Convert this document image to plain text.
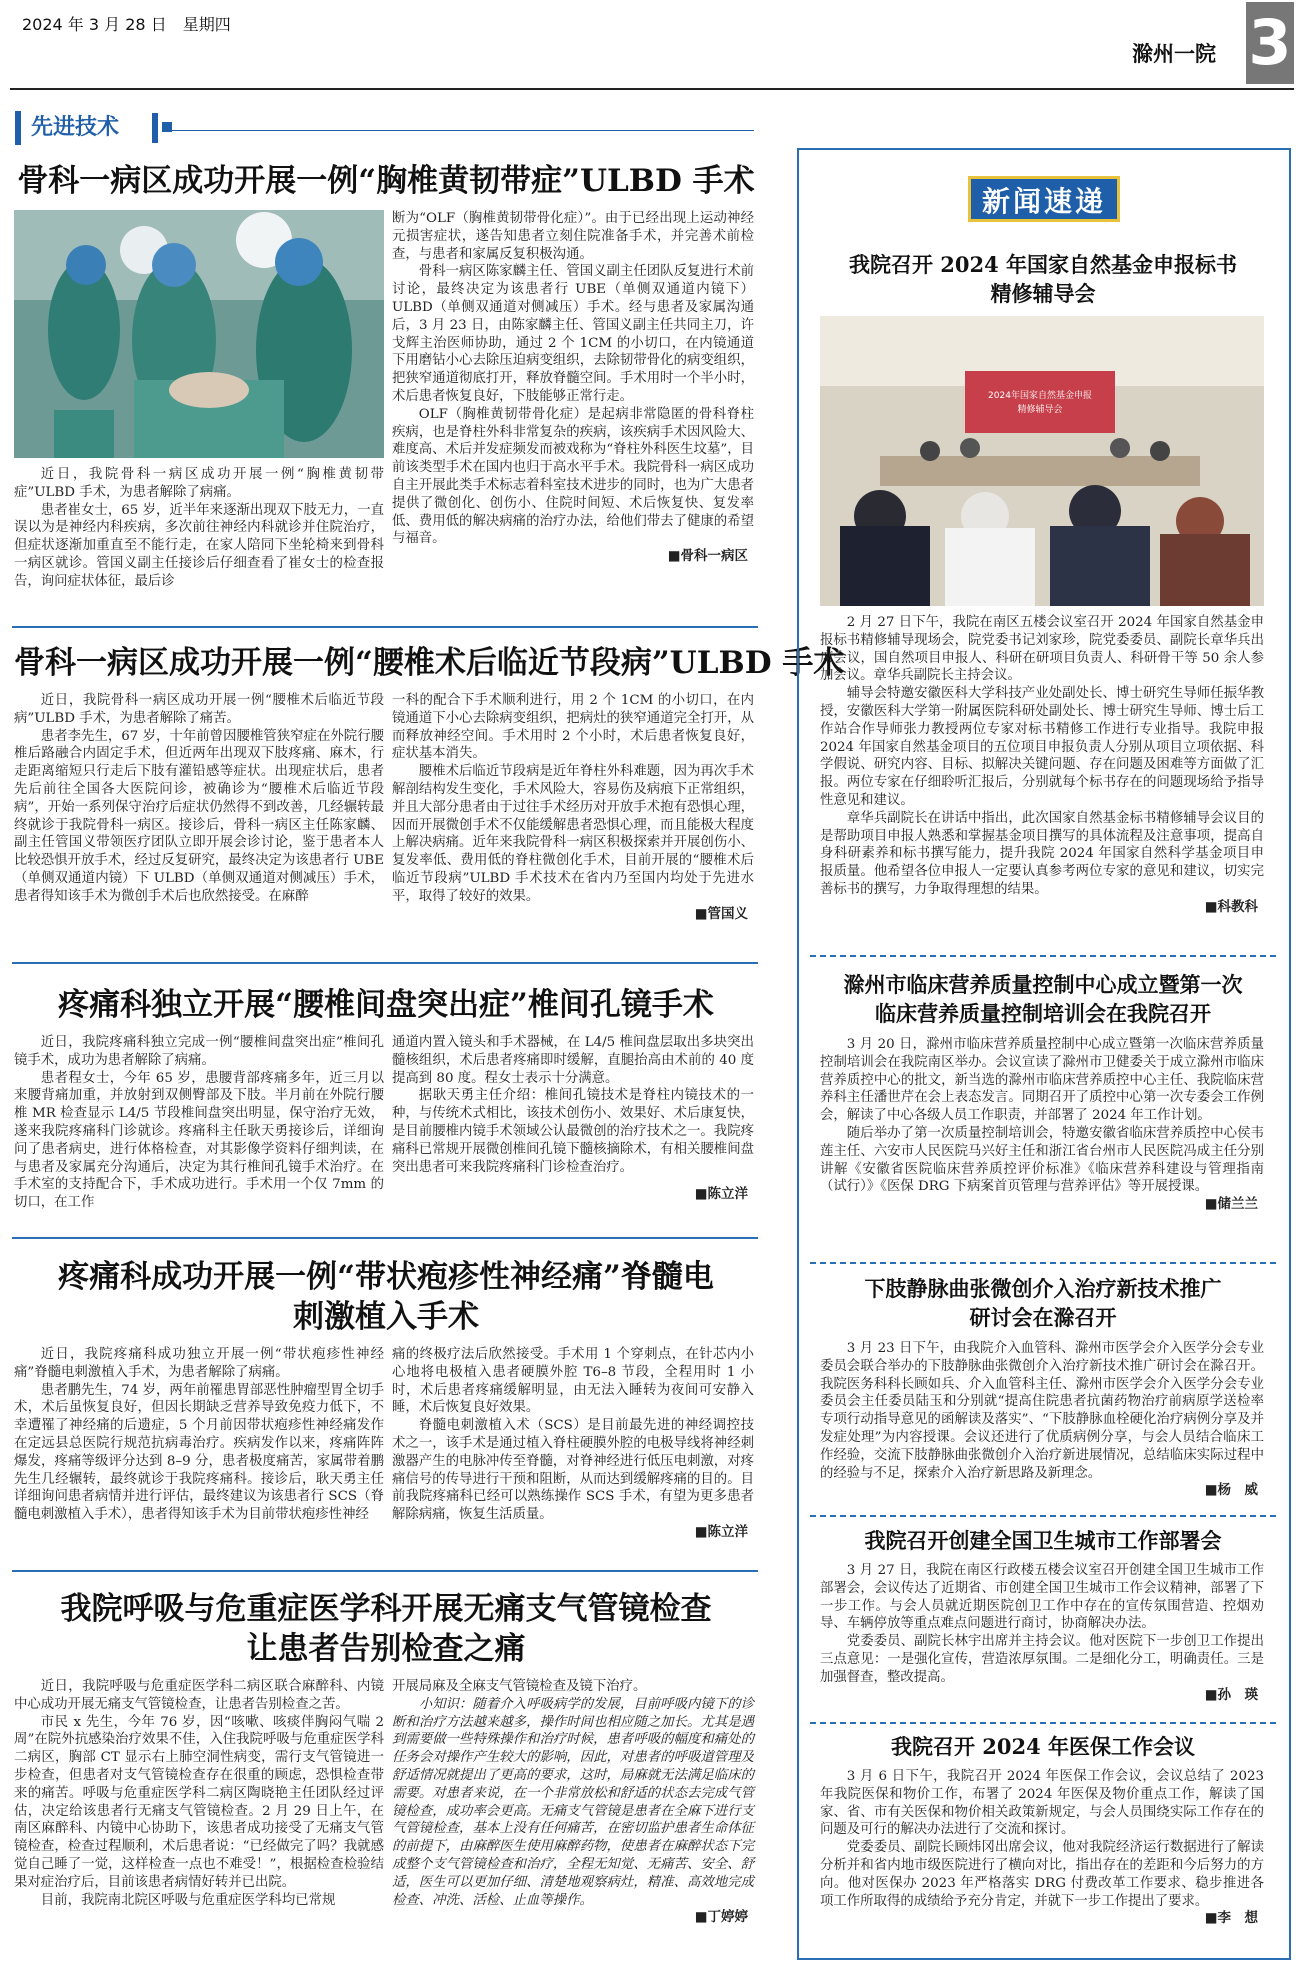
2024 年 3 月 28 日　星期四
滁州一院 3
先进技术
骨科一病区成功开展一例“胸椎黄韧带症”ULBD 手术

近日，我院骨科一病区成功开展一例“胸椎黄韧带症”ULBD 手术，为患者解除了病痛。

患者崔女士，65 岁，近半年来逐渐出现双下肢无力，一直误以为是神经内科疾病，多次前往神经内科就诊并住院治疗，但症状逐渐加重直至不能行走，在家人陪同下坐轮椅来到骨科一病区就诊。管国义副主任接诊后仔细查看了崔女士的检查报告，询问症状体征，最后诊

断为“OLF（胸椎黄韧带骨化症）”。由于已经出现上运动神经元损害症状，遂告知患者立刻住院准备手术，并完善术前检查，与患者和家属反复积极沟通。

骨科一病区陈家麟主任、管国义副主任团队反复进行术前讨论，最终决定为该患者行 UBE（单侧双通道内镜下）ULBD（单侧双通道对侧减压）手术。经与患者及家属沟通后，3 月 23 日，由陈家麟主任、管国义副主任共同主刀，许戈辉主治医师协助，通过 2 个 1CM 的小切口，在内镜通道下用磨钻小心去除压迫病变组织，去除韧带骨化的病变组织，把狭窄通道彻底打开，释放脊髓空间。手术用时一个半小时，术后患者恢复良好，下肢能够正常行走。

OLF（胸椎黄韧带骨化症）是起病非常隐匿的骨科脊柱疾病，也是脊柱外科非常复杂的疾病，该疾病手术因风险大、难度高、术后并发症频发而被戏称为“脊柱外科医生坟墓”，目前该类型手术在国内也归于高水平手术。我院骨科一病区成功自主开展此类手术标志着科室技术进步的同时，也为广大患者提供了微创化、创伤小、住院时间短、术后恢复快、复发率低、费用低的解决病痛的治疗办法，给他们带去了健康的希望与福音。

■骨科一病区
骨科一病区成功开展一例“腰椎术后临近节段病”ULBD 手术

近日，我院骨科一病区成功开展一例“腰椎术后临近节段病”ULBD 手术，为患者解除了痛苦。

患者李先生，67 岁，十年前曾因腰椎管狭窄症在外院行腰椎后路融合内固定手术，但近两年出现双下肢疼痛、麻木，行走距离缩短只行走后下肢有灌铅感等症状。出现症状后，患者先后前往全国各大医院问诊，被确诊为“腰椎术后临近节段病”，开始一系列保守治疗后症状仍然得不到改善，几经辗转最终就诊于我院骨科一病区。接诊后，骨科一病区主任陈家麟、副主任管国义带领医疗团队立即开展会诊讨论，鉴于患者本人比较恐惧开放手术，经过反复研究，最终决定为该患者行 UBE（单侧双通道内镜）下 ULBD（单侧双通道对侧减压）手术，患者得知该手术为微创手术后也欣然接受。在麻醉

一科的配合下手术顺利进行，用 2 个 1CM 的小切口，在内镜通道下小心去除病变组织，把病灶的狭窄通道完全打开，从而释放神经空间。手术用时 2 个小时，术后患者恢复良好，症状基本消失。

腰椎术后临近节段病是近年脊柱外科难题，因为再次手术解剖结构发生变化，手术风险大，容易伤及病痕下正常组织，并且大部分患者由于过往手术经历对开放手术抱有恐惧心理，因而开展微创手术不仅能缓解患者恐惧心理，而且能极大程度上解决病痛。近年来我院骨科一病区积极探索并开展创伤小、复发率低、费用低的脊柱微创化手术，目前开展的“腰椎术后临近节段病”ULBD 手术技术在省内乃至国内均处于先进水平，取得了较好的效果。

■管国义
疼痛科独立开展“腰椎间盘突出症”椎间孔镜手术

近日，我院疼痛科独立完成一例“腰椎间盘突出症”椎间孔镜手术，成功为患者解除了病痛。

患者程女士，今年 65 岁，患腰背部疼痛多年，近三月以来腰背痛加重，并放射到双侧臀部及下肢。半月前在外院行腰椎 MR 检查显示 L4/5 节段椎间盘突出明显，保守治疗无效，遂来我院疼痛科门诊就诊。疼痛科主任耿天勇接诊后，详细询问了患者病史，进行体格检查，对其影像学资料仔细判读，在与患者及家属充分沟通后，决定为其行椎间孔镜手术治疗。在手术室的支持配合下，手术成功进行。手术用一个仅 7mm 的切口，在工作

通道内置入镜头和手术器械，在 L4/5 椎间盘层取出多块突出髓核组织，术后患者疼痛即时缓解，直腿抬高由术前的 40 度提高到 80 度。程女士表示十分满意。

据耿天勇主任介绍：椎间孔镜技术是脊柱内镜技术的一种，与传统术式相比，该技术创伤小、效果好、术后康复快，是目前腰椎内镜手术领域公认最微创的治疗技术之一。我院疼痛科已常规开展微创椎间孔镜下髓核摘除术，有相关腰椎间盘突出患者可来我院疼痛科门诊检查治疗。

■陈立洋
疼痛科成功开展一例“带状疱疹性神经痛”脊髓电
刺激植入手术

近日，我院疼痛科成功独立开展一例“带状疱疹性神经痛”脊髓电刺激植入手术，为患者解除了病痛。

患者鹏先生，74 岁，两年前罹患胃部恶性肿瘤型胃全切手术，术后虽恢复良好，但因长期缺乏营养导致免疫力低下，不幸遭罹了神经痛的后遗症，5 个月前因带状疱疹性神经痛发作在定远县总医院行规范抗病毒治疗。疾病发作以来，疼痛阵阵爆发，疼痛等级评分达到 8–9 分，患者极度痛苦，家属带着鹏先生几经辗转，最终就诊于我院疼痛科。接诊后，耿天勇主任详细询问患者病情并进行评估，最终建议为该患者行 SCS（脊髓电刺激植入手术），患者得知该手术为目前带状疱疹性神经

痛的终极疗法后欣然接受。手术用 1 个穿刺点，在针芯内小心地将电极植入患者硬膜外腔 T6–8 节段，全程用时 1 小时，术后患者疼痛缓解明显，由无法入睡转为夜间可安静入睡，术后恢复良好效果。

脊髓电刺激植入术（SCS）是目前最先进的神经调控技术之一，该手术是通过植入脊柱硬膜外腔的电极导线将神经刺激器产生的电脉冲传至脊髓，对脊神经进行低压电刺激，对疼痛信号的传导进行干预和阻断，从而达到缓解疼痛的目的。目前我院疼痛科已经可以熟练操作 SCS 手术，有望为更多患者解除病痛，恢复生活质量。

■陈立洋
我院呼吸与危重症医学科开展无痛支气管镜检查
让患者告别检查之痛

近日，我院呼吸与危重症医学科二病区联合麻醉科、内镜中心成功开展无痛支气管镜检查，让患者告别检查之苦。

市民 x 先生，今年 76 岁，因“咳嗽、咳痰伴胸闷气喘 2 周”在院外抗感染治疗效果不佳，入住我院呼吸与危重症医学科二病区，胸部 CT 显示右上肺空洞性病变，需行支气管镜进一步检查，但患者对支气管镜检查存在很重的顾虑，恐惧检查带来的痛苦。呼吸与危重症医学科二病区陶晓艳主任团队经过评估，决定给该患者行无痛支气管镜检查。2 月 29 日上午，在南区麻醉科、内镜中心协助下，该患者成功接受了无痛支气管镜检查，检查过程顺利，术后患者说：“已经做完了吗？我就感觉自己睡了一觉，这样检查一点也不难受！”，根据检查检验结果对症治疗后，目前该患者病情好转并已出院。

目前，我院南北院区呼吸与危重症医学科均已常规

开展局麻及全麻支气管镜检查及镜下治疗。

小知识：随着介入呼吸病学的发展，目前呼吸内镜下的诊断和治疗方法越来越多，操作时间也相应随之加长。尤其是遇到需要做一些特殊操作和治疗时候，患者呼吸的幅度和痛处的任务会对操作产生较大的影响，因此，对患者的呼吸道管理及舒适情况就提出了更高的要求，这时，局麻就无法满足临床的需要。对患者来说，在一个非常放松和舒适的状态去完成气管镜检查，成功率会更高。无痛支气管镜是患者在全麻下进行支气管镜检查，基本上没有任何痛苦，在密切监护患者生命体征的前提下，由麻醉医生使用麻醉药物，使患者在麻醉状态下完成整个支气管镜检查和治疗，全程无知觉、无痛苦、安全、舒适，医生可以更加仔细、清楚地观察病灶，精准、高效地完成检查、冲洗、活检、止血等操作。

■丁婷婷
新闻速递
我院召开 2024 年国家自然基金申报标书
精修辅导会
2024年国家自然基金申报
精修辅导会

2 月 27 日下午，我院在南区五楼会议室召开 2024 年国家自然基金申报标书精修辅导现场会，院党委书记刘家珍，院党委委员、副院长章华兵出席会议，国自然项目申报人、科研在研项目负责人、科研骨干等 50 余人参加会议。章华兵副院长主持会议。

辅导会特邀安徽医科大学科技产业处副处长、博士研究生导师任振华教授，安徽医科大学第一附属医院科研处副处长、博士研究生导师、博士后工作站合作导师张力教授两位专家对标书精修工作进行专业指导。我院申报 2024 年国家自然基金项目的五位项目申报负责人分别从项目立项依据、科学假说、研究内容、目标、拟解决关键问题、存在问题及困难等方面做了汇报。两位专家在仔细聆听汇报后，分别就每个标书存在的问题现场给予指导性意见和建议。

章华兵副院长在讲话中指出，此次国家自然基金标书精修辅导会议目的是帮助项目申报人熟悉和掌握基金项目撰写的具体流程及注意事项，提高自身科研素养和标书撰写能力，提升我院 2024 年国家自然科学基金项目申报质量。他希望各位申报人一定要认真参考两位专家的意见和建议，切实完善标书的撰写，力争取得理想的结果。

■科教科
滁州市临床营养质量控制中心成立暨第一次
临床营养质量控制培训会在我院召开

3 月 20 日，滁州市临床营养质量控制中心成立暨第一次临床营养质量控制培训会在我院南区举办。会议宣读了滁州市卫健委关于成立滁州市临床营养质控中心的批文，新当选的滁州市临床营养质控中心主任、我院临床营养科主任潘世芹在会上表态发言。同期召开了质控中心第一次专委会工作例会，解读了中心各级人员工作职责，并部署了 2024 年工作计划。

随后举办了第一次质量控制培训会，特邀安徽省临床营养质控中心侯韦莲主任、六安市人民医院马兴好主任和浙江省台州市人民医院冯成主任分别讲解《安徽省医院临床营养质控评价标准》《临床营养科建设与管理指南（试行）》《医保 DRG 下病案首页管理与营养评估》等开展授课。

■储兰兰
下肢静脉曲张微创介入治疗新技术推广
研讨会在滁召开

3 月 23 日下午，由我院介入血管科、滁州市医学会介入医学分会专业委员会联合举办的下肢静脉曲张微创介入治疗新技术推广研讨会在滁召开。我院医务科科长顾如兵、介入血管科主任、滁州市医学会介入医学分会专业委员会主任委员陆玉和分别就“提高住院患者抗菌药物治疗前病原学送检率专项行动指导意见的函解读及落实”、“下肢静脉血栓硬化治疗病例分享及并发症处理”为内容授课。会议还进行了优质病例分享，与会人员结合临床工作经验，交流下肢静脉曲张微创介入治疗新进展情况，总结临床实际过程中的经验与不足，探索介入治疗新思路及新理念。

■杨　威
我院召开创建全国卫生城市工作部署会

3 月 27 日，我院在南区行政楼五楼会议室召开创建全国卫生城市工作部署会，会议传达了近期省、市创建全国卫生城市工作会议精神，部署了下一步工作。与会人员就近期医院创卫工作中存在的宣传氛围营造、控烟劝导、车辆停放等重点难点问题进行商讨，协商解决办法。

党委委员、副院长林宇出席并主持会议。他对医院下一步创卫工作提出三点意见：一是强化宣传，营造浓厚氛围。二是细化分工，明确责任。三是加强督查，整改提高。

■孙　瑛
我院召开 2024 年医保工作会议

3 月 6 日下午，我院召开 2024 年医保工作会议，会议总结了 2023 年我院医保和物价工作，布署了 2024 年医保及物价重点工作，解读了国家、省、市有关医保和物价相关政策新规定，与会人员围绕实际工作存在的问题及可行的解决办法进行了交流和探讨。

党委委员、副院长顾炜冈出席会议，他对我院经济运行数据进行了解读分析并和省内地市级医院进行了横向对比，指出存在的差距和今后努力的方向。他对医保办 2023 年严格落实 DRG 付费改革工作要求、稳步推进各项工作所取得的成绩给予充分肯定，并就下一步工作提出了要求。

■李　想
